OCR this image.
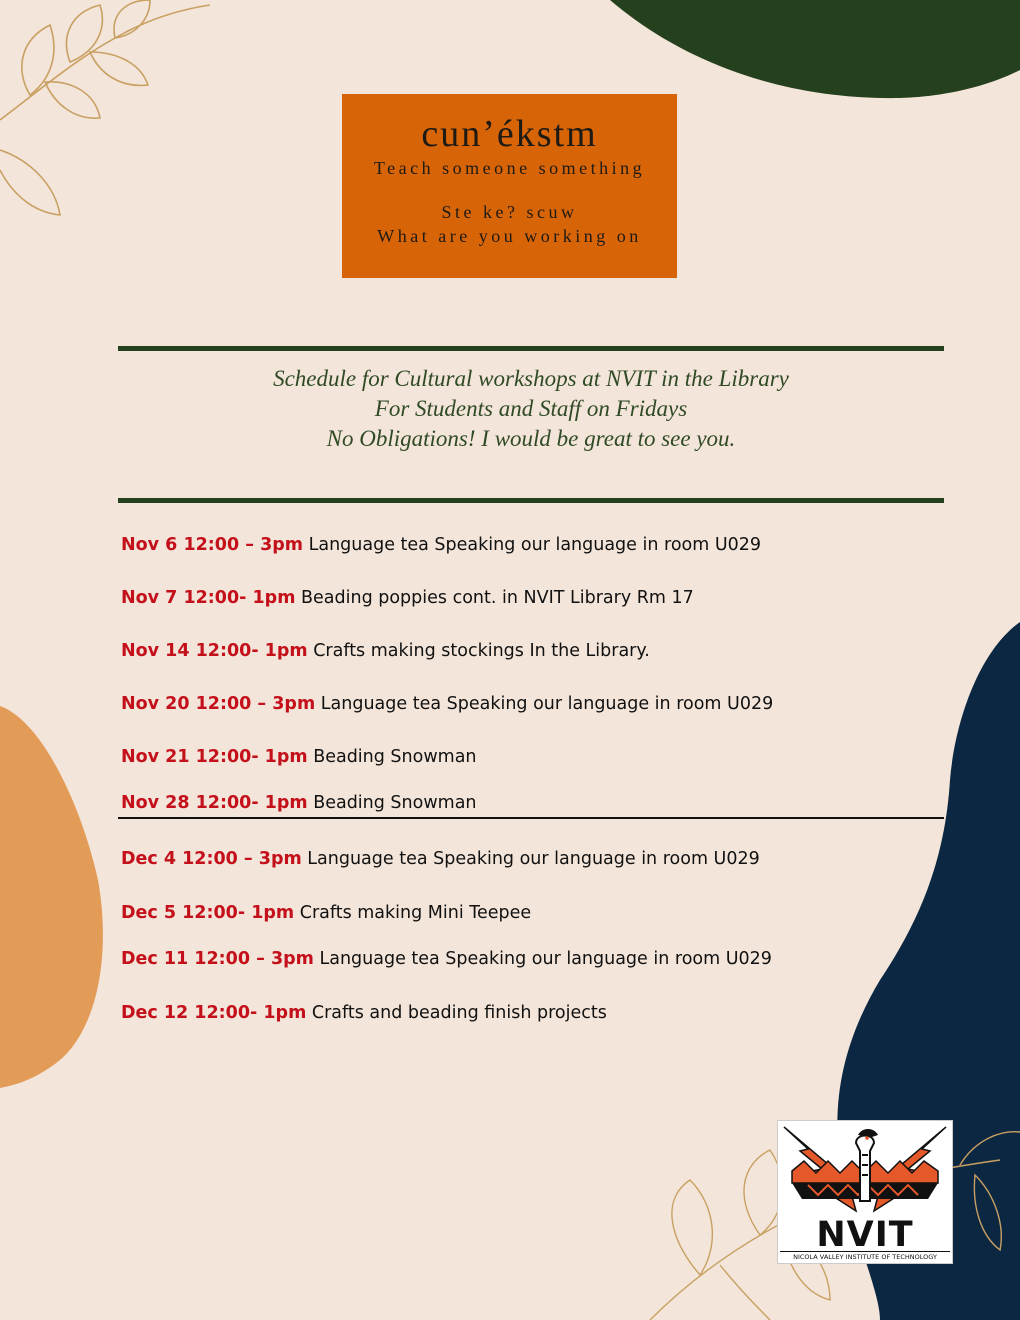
cun’ékstm
Teach someone something
Ste ke? scuw
What are you working on
Schedule for Cultural workshops at NVIT in the Library
For Students and Staff on Fridays
No Obligations! I would be great to see you.
Nov 6 12:00 – 3pm Language tea Speaking our language in room U029
Nov 7 12:00- 1pm Beading poppies cont. in NVIT Library Rm 17
Nov 14 12:00- 1pm Crafts making stockings In the Library.
Nov 20 12:00 – 3pm Language tea Speaking our language in room U029
Nov 21 12:00- 1pm Beading Snowman
Nov 28 12:00- 1pm Beading Snowman
Dec 4 12:00 – 3pm Language tea Speaking our language in room U029
Dec 5 12:00- 1pm Crafts making Mini Teepee
Dec 11 12:00 – 3pm Language tea Speaking our language in room U029
Dec 12 12:00- 1pm Crafts and beading finish projects
NVIT
NICOLA VALLEY INSTITUTE OF TECHNOLOGY
